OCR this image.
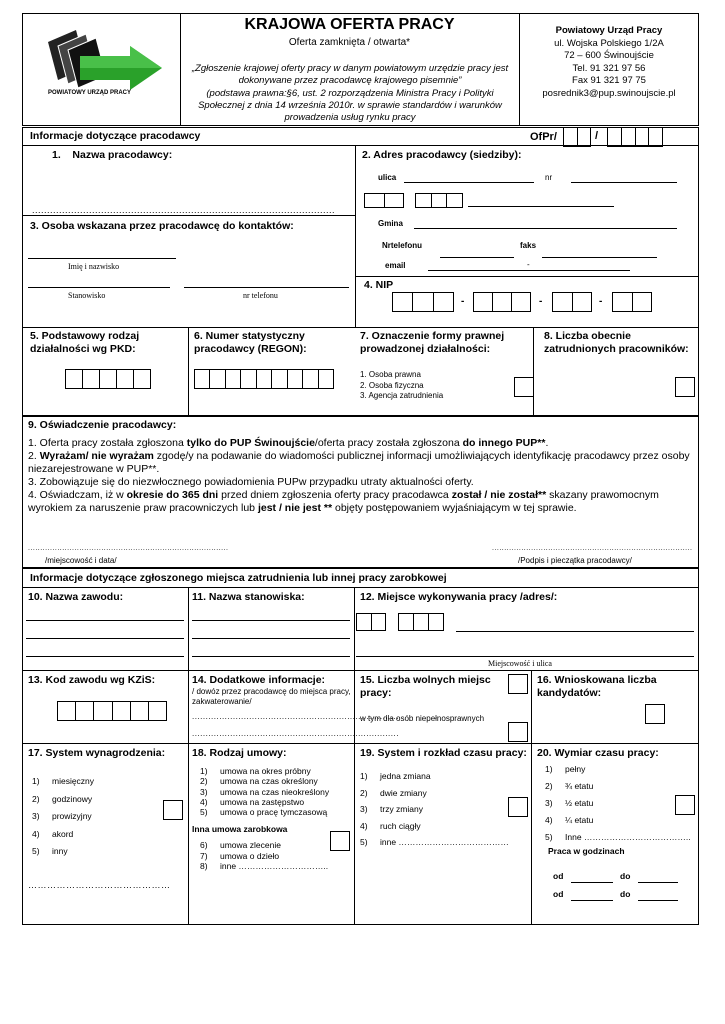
POWIATOWY URZĄD PRACY
KRAJOWA OFERTA PRACY
Oferta zamknięta / otwarta*
„Zgłoszenie krajowej oferty pracy w danym powiatowym urzędzie pracy jest dokonywane przez pracodawcę krajowego pisemnie”
(podstawa prawna:§6, ust. 2 rozporządzenia Ministra Pracy i Polityki Społecznej z dnia 14 września 2010r. w sprawie standardów i warunków prowadzenia usług rynku pracy
Powiatowy Urząd Pracy
ul. Wojska Polskiego 1/2A
72 – 600 Świnoujście
Tel. 91 321 97 56
Fax 91 321 97 75
posrednik3@pup.swinoujscie.pl
Informacje dotyczące pracodawcy	OfPr/	/
1.    Nazwa pracodawcy:
.....................................................................................................
2. Adres pracodawcy (siedziby):
ulica	nr
Gmina
Nrtelefonu	faks
email	-
3. Osoba wskazana przez pracodawcę do kontaktów:
Imię i nazwisko
Stanowisko	nr telefonu
4. NIP
-	-	-
5. Podstawowy rodzaj
działalności wg PKD:
6. Numer statystyczny
pracodawcy (REGON):
7. Oznaczenie formy prawnej
prowadzonej działalności:
1. Osoba prawna
2. Osoba fizyczna
3. Agencja zatrudnienia
8. Liczba obecnie
zatrudnionych pracowników:
9. Oświadczenie pracodawcy:
1. Oferta pracy została zgłoszona tylko do PUP Świnoujście/oferta pracy została zgłoszona do innego PUP**.
2. Wyrażam/ nie wyrażam zgodę/y na podawanie do wiadomości publicznej informacji umożliwiających identyfikację pracodawcy przez osoby niezarejestrowane w PUP**.
3. Zobowiązuje się do niezwłocznego powiadomienia PUPw przypadku utraty aktualności oferty.
4. Oświadczam, iż w okresie do 365 dni przed dniem zgłoszenia oferty pracy pracodawca został / nie został** skazany prawomocnym wyrokiem za naruszenie praw pracowniczych lub jest / nie jest ** objęty postępowaniem wyjaśniającym w tej sprawie.
..................................................................................
/miejscowość i data/
..................................................................................
/Podpis i pieczątka pracodawcy/
Informacje dotyczące zgłoszonego miejsca zatrudnienia lub innej pracy zarobkowej
10. Nazwa zawodu:	11. Nazwa stanowiska:	12. Miejsce wykonywania pracy /adres/:
Miejscowość i ulica
13. Kod zawodu wg KZiS:	14. Dodatkowe informacje:
/ dowóz przez pracodawcę do miejsca pracy, zakwaterowanie/
............................................................................
............................................................................
15. Liczba wolnych miejsc
pracy:
w tym dla osób niepełnosprawnych
16. Wnioskowana liczba
kandydatów:
17. System wynagrodzenia:
1) miesięczny
2) godzinowy
3) prowizyjny
4) akord
5) inny
………………………………………
18. Rodzaj umowy:
1) umowa na okres próbny
2) umowa na czas określony
3) umowa na czas nieokreślony
4) umowa na zastępstwo
5) umowa o pracę tymczasową
Inna umowa zarobkowa
6) umowa zlecenie
7) umowa o dzieło
8) inne …………………………..
19. System i rozkład czasu pracy:
1) jedna zmiana
2) dwie zmiany
3) trzy zmiany
4) ruch ciągły
5) inne …………………………………
20. Wymiar czasu pracy:
1) pełny
2) ¾ etatu
3) ½ etatu
4) ¼ etatu
5) Inne ………………………………..
Praca w godzinach
od	do
od	do
